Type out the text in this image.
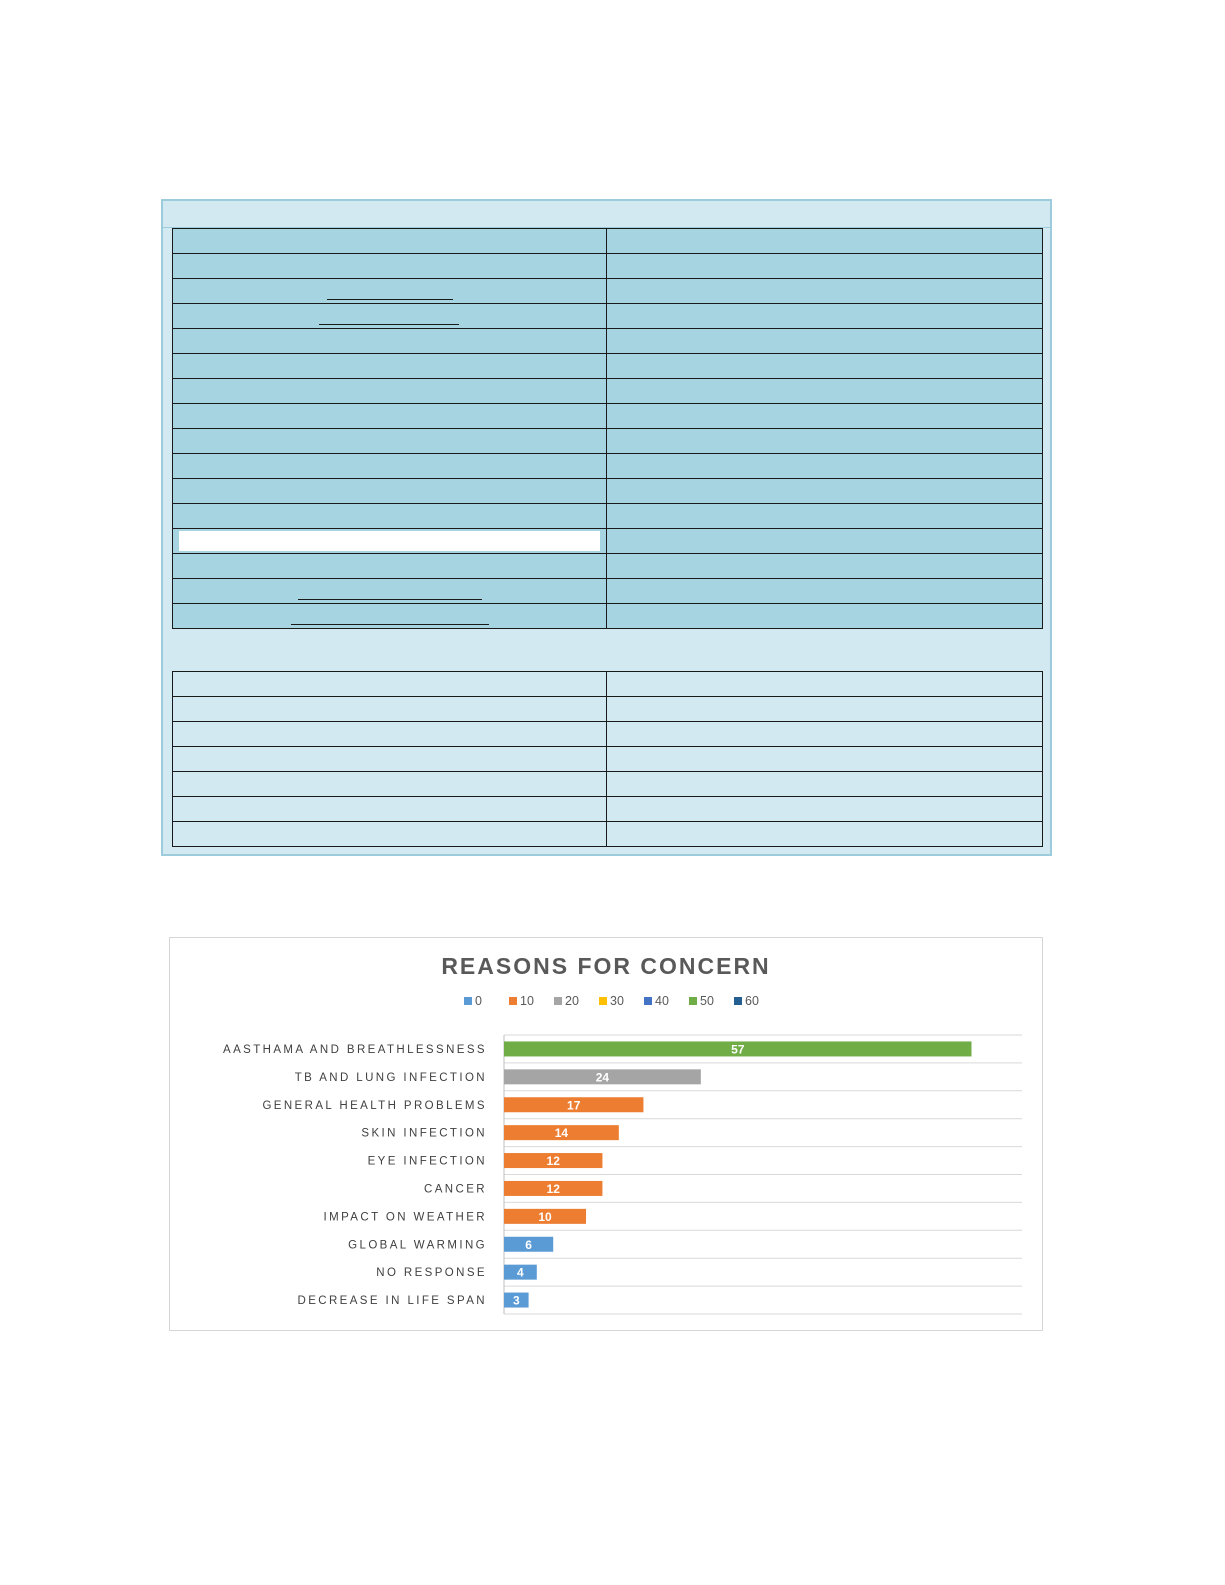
REASONS FOR CONCERN
0	10 20 30 40 50 60
57
24
17
14
12
12
10
6
4
3
AASTHAMA AND BREATHLESSNESS
TB AND LUNG INFECTION
GENERAL HEALTH PROBLEMS
SKIN INFECTION
EYE INFECTION
CANCER
IMPACT ON WEATHER
GLOBAL WARMING
NO RESPONSE
DECREASE IN LIFE SPAN
